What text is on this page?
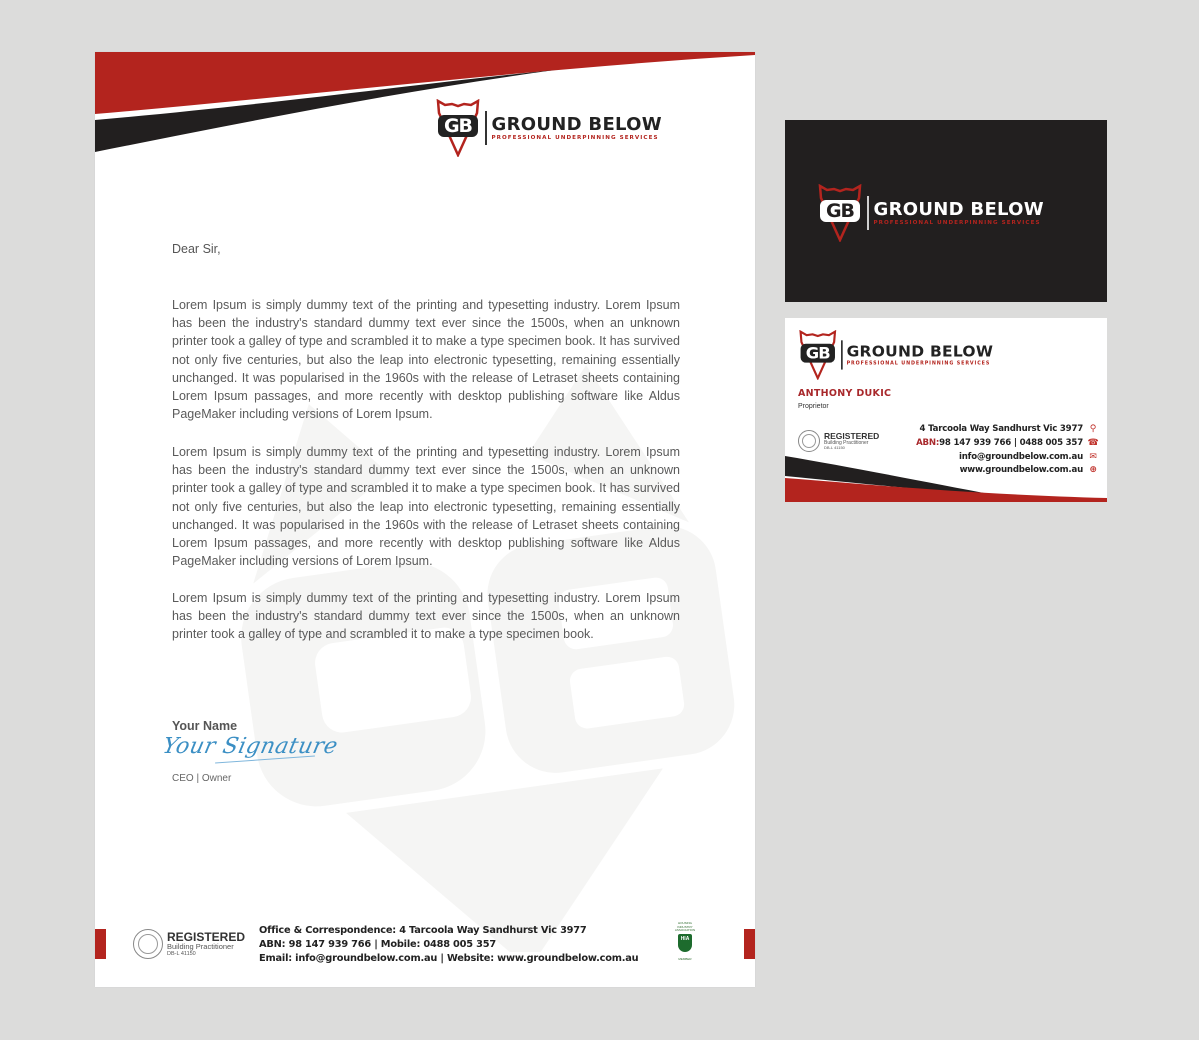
GB	GROUND BELOW
PROFESSIONAL UNDERPINNING SERVICES
Dear Sir,

Lorem Ipsum is simply dummy text of the printing and typesetting industry. Lorem Ipsum has been the industry's standard dummy text ever since the 1500s, when an unknown printer took a galley of type and scrambled it to make a type specimen book. It has survived not only five centuries, but also the leap into electronic typesetting, remaining essentially unchanged. It was popularised in the 1960s with the release of Letraset sheets containing Lorem Ipsum passages, and more recently with desktop publishing software like Aldus PageMaker including versions of Lorem Ipsum.

Lorem Ipsum is simply dummy text of the printing and typesetting industry. Lorem Ipsum has been the industry's standard dummy text ever since the 1500s, when an unknown printer took a galley of type and scrambled it to make a type specimen book. It has survived not only five centuries, but also the leap into electronic typesetting, remaining essentially unchanged. It was popularised in the 1960s with the release of Letraset sheets containing Lorem Ipsum passages, and more recently with desktop publishing software like Aldus PageMaker including versions of Lorem Ipsum.

Lorem Ipsum is simply dummy text of the printing and typesetting industry. Lorem Ipsum has been the industry's standard dummy text ever since the 1500s, when an unknown printer took a galley of type and scrambled it to make a type specimen book.

Your Name
Your Signature
CEO | Owner
REGISTERED
Building Practitioner
DB-L 41150
Office & Correspondence: 4 Tarcoola Way Sandhurst Vic 3977
ABN: 98 147 939 766 | Mobile: 0488 005 357
Email: info@groundbelow.com.au | Website: www.groundbelow.com.au
HOUSING INDUSTRY ASSOCIATION
HIA
MEMBER
GB	GROUND BELOW
PROFESSIONAL UNDERPINNING SERVICES
GB GROUND BELOW
PROFESSIONAL UNDERPINNING SERVICES
ANTHONY DUKIC
Proprietor
REGISTERED
Building Practitioner
DB-L 41150
4 Tarcoola Way Sandhurst Vic 3977 ⚲
ABN: 98 147 939 766 | 0488 005 357 ☎
info@groundbelow.com.au ✉
www.groundbelow.com.au ⊕
